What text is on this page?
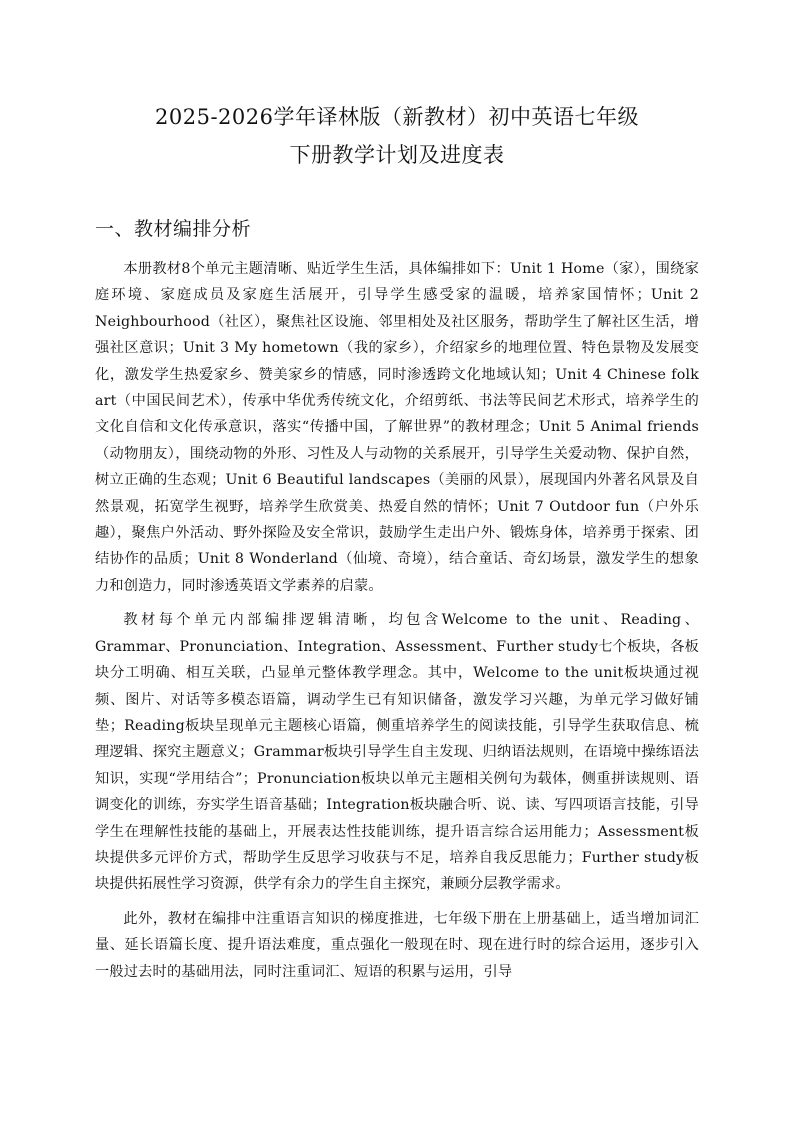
2025-2026学年译林版（新教材）初中英语七年级
下册教学计划及进度表
一、教材编排分析

本册教材8个单元主题清晰、贴近学生生活，具体编排如下：Unit 1 Home（家），围绕家庭环境、家庭成员及家庭生活展开，引导学生感受家的温暖，培养家国情怀；Unit 2 Neighbourhood（社区），聚焦社区设施、邻里相处及社区服务，帮助学生了解社区生活，增强社区意识；Unit 3 My hometown（我的家乡），介绍家乡的地理位置、特色景物及发展变化，激发学生热爱家乡、赞美家乡的情感，同时渗透跨文化地域认知；Unit 4 Chinese folk art（中国民间艺术），传承中华优秀传统文化，介绍剪纸、书法等民间艺术形式，培养学生的文化自信和文化传承意识，落实“传播中国，了解世界”的教材理念；Unit 5 Animal friends（动物朋友），围绕动物的外形、习性及人与动物的关系展开，引导学生关爱动物、保护自然，树立正确的生态观；Unit 6 Beautiful landscapes（美丽的风景），展现国内外著名风景及自然景观，拓宽学生视野，培养学生欣赏美、热爱自然的情怀；Unit 7 Outdoor fun（户外乐趣），聚焦户外活动、野外探险及安全常识，鼓励学生走出户外、锻炼身体，培养勇于探索、团结协作的品质；Unit 8 Wonderland（仙境、奇境），结合童话、奇幻场景，激发学生的想象力和创造力，同时渗透英语文学素养的启蒙。

教材每个单元内部编排逻辑清晰，均包含Welcome to the unit、Reading、Grammar、Pronunciation、Integration、Assessment、Further study七个板块，各板块分工明确、相互关联，凸显单元整体教学理念。其中，Welcome to the unit板块通过视频、图片、对话等多模态语篇，调动学生已有知识储备，激发学习兴趣，为单元学习做好铺垫；Reading板块呈现单元主题核心语篇，侧重培养学生的阅读技能，引导学生获取信息、梳理逻辑、探究主题意义；Grammar板块引导学生自主发现、归纳语法规则，在语境中操练语法知识，实现“学用结合”；Pronunciation板块以单元主题相关例句为载体，侧重拼读规则、语调变化的训练，夯实学生语音基础；Integration板块融合听、说、读、写四项语言技能，引导学生在理解性技能的基础上，开展表达性技能训练，提升语言综合运用能力；Assessment板块提供多元评价方式，帮助学生反思学习收获与不足，培养自我反思能力；Further study板块提供拓展性学习资源，供学有余力的学生自主探究，兼顾分层教学需求。

此外，教材在编排中注重语言知识的梯度推进，七年级下册在上册基础上，适当增加词汇量、延长语篇长度、提升语法难度，重点强化一般现在时、现在进行时的综合运用，逐步引入一般过去时的基础用法，同时注重词汇、短语的积累与运用，引导
